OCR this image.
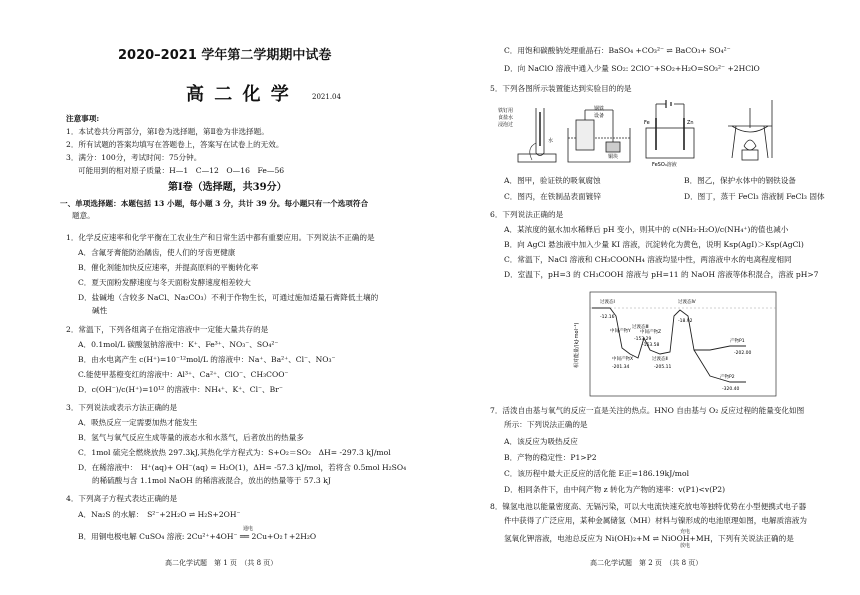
2020–2021 学年第二学期期中试卷
高 二 化 学	2021.04
注意事项:
1．本试卷共分两部分，第Ⅰ卷为选择题，第Ⅱ卷为非选择题。
2．所有试题的答案均填写在答题卷上，答案写在试卷上的无效。
3．满分：100分，考试时间：75分钟。
可能用到的相对原子质量：H—1　C—12　O—16　Fe—56
第Ⅰ卷（选择题，共39分）
一、单项选择题：本题包括 13 小题，每小题 3 分，共计 39 分。每小题只有一个选项符合
题意。
1．化学反应速率和化学平衡在工农业生产和日常生活中都有重要应用。下列说法不正确的是
A．含氟牙膏能防治龋齿，使人们的牙齿更健康
B．催化剂能加快反应速率，并提高原料的平衡转化率
C．夏天面粉发酵速度与冬天面粉发酵速度相差较大
D．盐碱地（含较多 NaCl、Na₂CO₃）不利于作物生长，可通过施加适量石膏降低土壤的
碱性
2．常温下，下列各组离子在指定溶液中一定能大量共存的是
A．0.1mol/L 碳酸氢钠溶液中：K⁺、Fe³⁺、NO₃⁻、SO₄²⁻
B．由水电离产生 c(H⁺)=10⁻¹²mol/L 的溶液中：Na⁺、Ba²⁺、Cl⁻、NO₃⁻
C.能使甲基橙变红的溶液中：Al³⁺、Ca²⁺、ClO⁻、CH₃COO⁻
D．c(OH⁻)/c(H⁺)=10¹² 的溶液中：NH₄⁺、K⁺、Cl⁻、Br⁻
3．下列说法或表示方法正确的是
A．吸热反应一定需要加热才能发生
B．氢气与氧气反应生成等量的液态水和水蒸气，后者放出的热量多
C．1mol 硫完全燃烧放热 297.3kJ,其热化学方程式为：S+O₂＝SO₂　ΔH= -297.3 kJ/mol
D．在稀溶液中：　H⁺(aq)+ OH⁻(aq) = H₂O(1)，ΔH= -57.3 kJ/mol，若将含 0.5mol H₂SO₄
的稀硫酸与含 1.1mol NaOH 的稀溶液混合，放出的热量等于 57.3 kJ
4．下列离子方程式表达正确的是
A．Na₂S 的水解：　S²⁻+2H₂O ⇌ H₂S+2OH⁻
通电
B．用铜电极电解 CuSO₄ 溶液: 2Cu²⁺+4OH⁻ ══ 2Cu+O₂↑+2H₂O
高二化学试题　第 1 页　（共 8 页）
C．用饱和碳酸钠处理重晶石：BaSO₄ +CO₃²⁻ ⇌ BaCO₃+ SO₄²⁻
D．向 NaClO 溶液中通入少量 SO₂: 2ClO⁻+SO₂+H₂O=SO₃²⁻ +2HClO
5．下列各图所示装置能达到实验目的的是
铁钉用
食盐水
浸泡过
水
钢铁
设备
铜块
Fe	Zn
FeSO₄溶液
A．图甲，验证铁的吸氧腐蚀	B．图乙，保护水体中的钢铁设备
C．图丙，在铁制品表面镀锌	D．图丁，蒸干 FeCl₃ 溶液制 FeCl₃ 固体
6．下列说法正确的是
A．某浓度的氨水加水稀释后 pH 变小，则其中的 c(NH₃·H₂O)/c(NH₄⁺)的值也减小
B．向 AgCl 悬浊液中加入少量 KI 溶液，沉淀转化为黄色，说明 Ksp(AgI)＞Ksp(AgCl)
C．常温下，NaCl 溶液和 CH₃COONH₄ 溶液均显中性，两溶液中水的电离程度相同
D．室温下，pH=3 的 CH₃COOH 溶液与 pH=11 的 NaOH 溶液等体积混合，溶液 pH>7
相对能量/(kJ·mol⁻¹)
过渡态Ⅰ
-12.16
过渡态Ⅳ
-18.92
中间产物Z
-153.58
中间产物Y
过渡态Ⅲ
-153.29
中间产物X
-201.34
过渡态Ⅱ
-205.11
产物P1
-202.00
产物P2
-320.40
7．活泼自由基与氧气的反应一直是关注的热点。HNO 自由基与 O₂ 反应过程的能量变化如图
所示：下列说法正确的是
A．该反应为吸热反应
B．产物的稳定性：P1>P2
C．该历程中最大正反应的活化能 E正=186.19kJ/mol
D．相同条件下，由中间产物 z 转化为产物的速率：v(P1)<v(P2)
8．镍氢电池以能量密度高、无镉污染，可以大电流快速充放电等独特优势在小型便携式电子器
件中获得了广泛应用，某种金属储氢（MH）材料与镍形成的电池原理如图，电解质溶液为
充电
放电
氢氧化钾溶液，电池总反应为 Ni(OH)₂+M ⇌ NiOOH+MH，下列有关说法正确的是
高二化学试题　第 2 页　（共 8 页）
